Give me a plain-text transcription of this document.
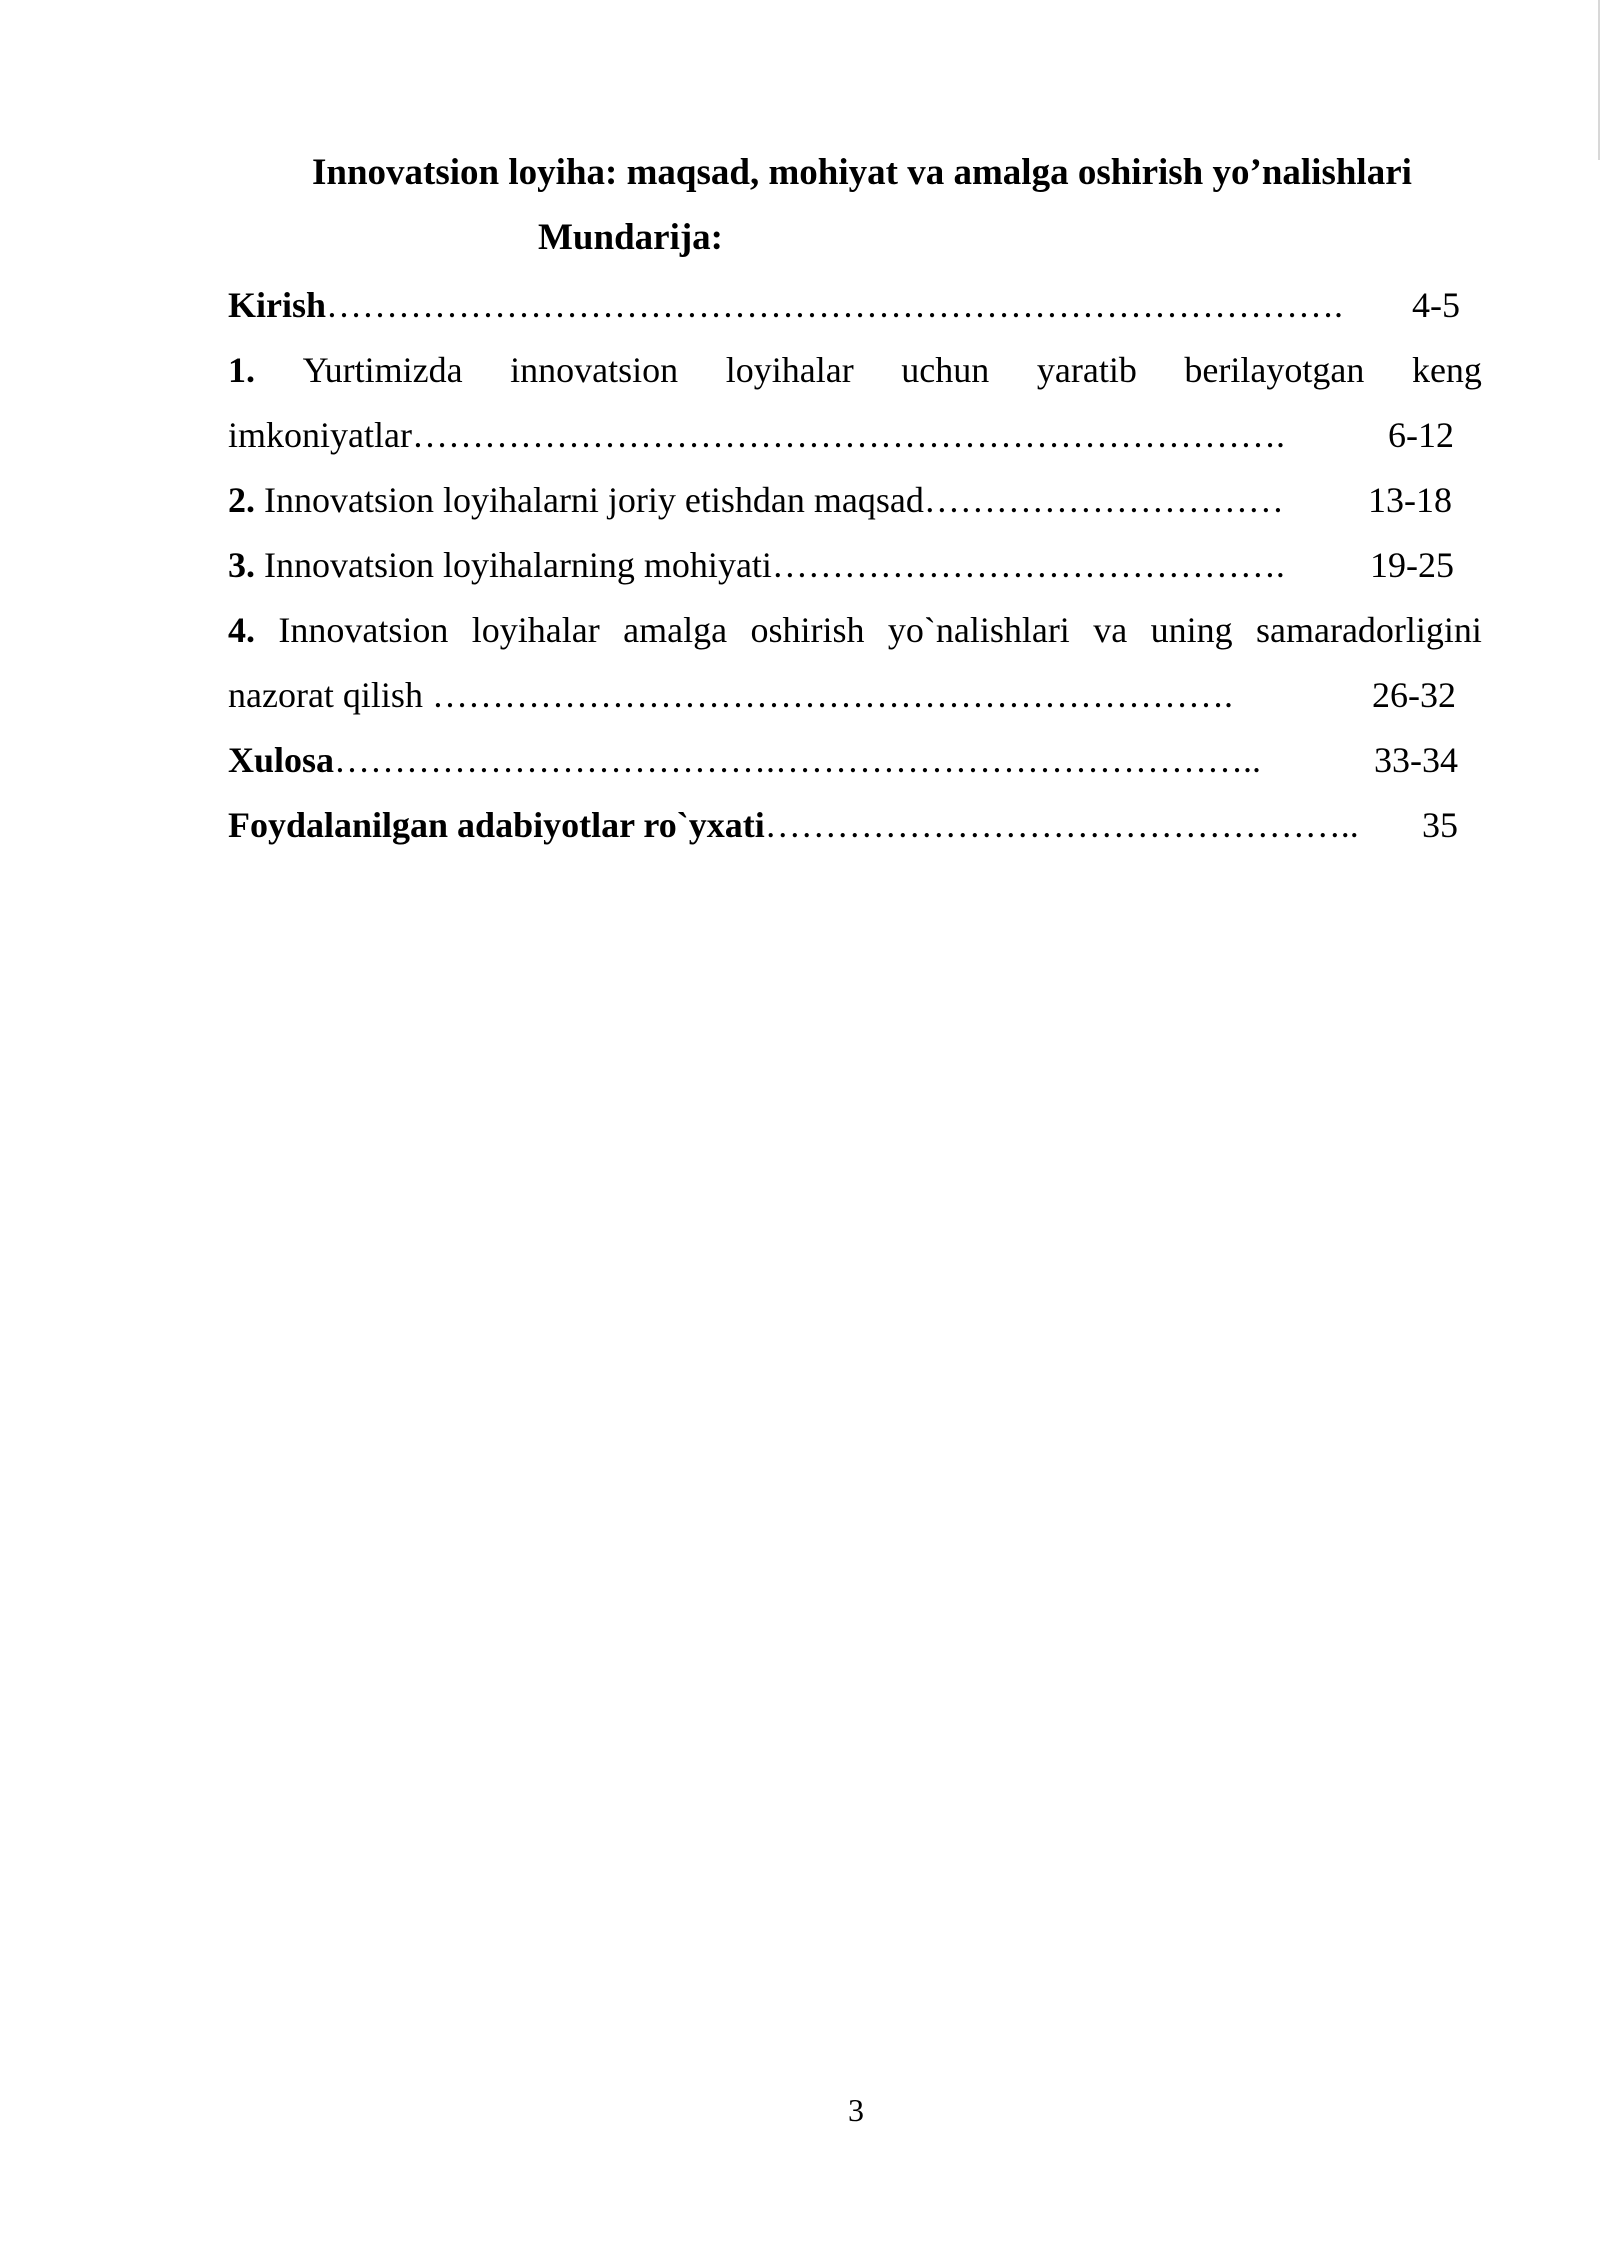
Innovatsion loyiha: maqsad, mohiyat va amalga oshirish yo’nalishlari
Mundarija:
Kirish…………………………………………………………………………. 4-5
1. Yurtimizda innovatsion loyihalar uchun yaratib berilayotgan keng
imkoniyatlar……………………………………………………………….	6-12
2. Innovatsion loyihalarni joriy etishdan maqsad………………………… 13-18
3. Innovatsion loyihalarning mohiyati……………………………………. 19-25
4. Innovatsion loyihalar amalga oshirish yo`nalishlari va uning samaradorligini
nazorat qilish ………………………………………………………….	26-32
Xulosa……………………………….…………………………………..	33-34
Foydalanilgan adabiyotlar ro`yxati………………………………………….. 35
3
